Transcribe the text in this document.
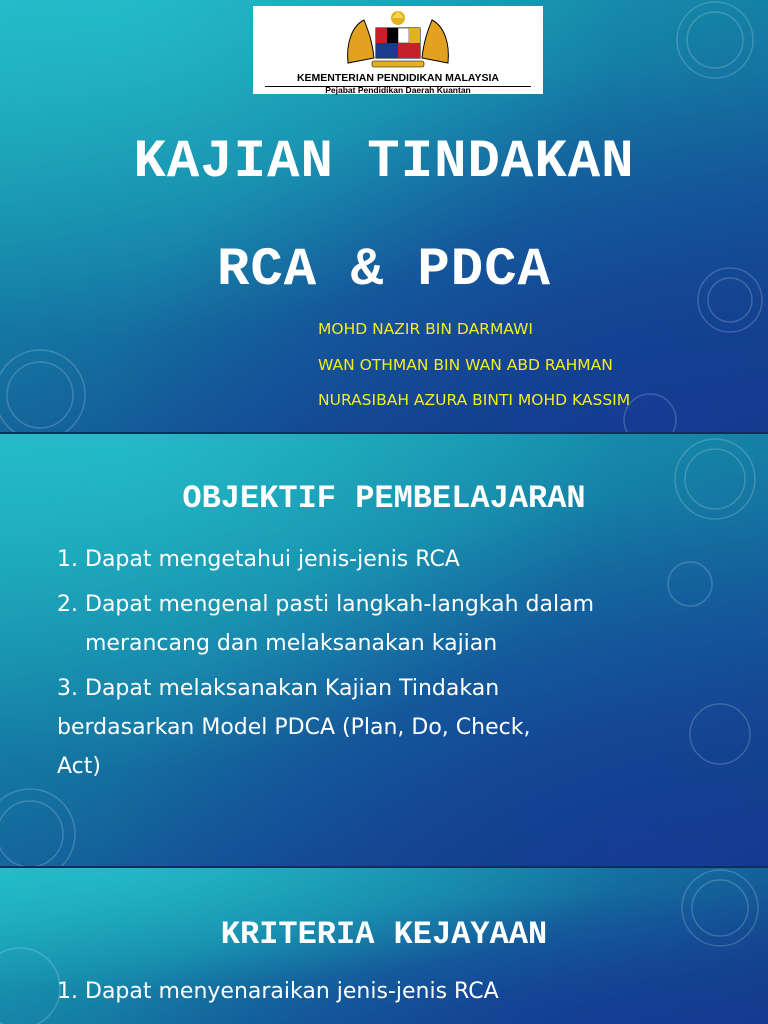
KEMENTERIAN PENDIDIKAN MALAYSIA
Pejabat Pendidikan Daerah Kuantan
KAJIAN TINDAKAN
RCA & PDCA
MOHD NAZIR BIN DARMAWI
WAN OTHMAN BIN WAN ABD RAHMAN
NURASIBAH AZURA BINTI MOHD KASSIM
OBJEKTIF PEMBELAJARAN
1. Dapat mengetahui jenis-jenis RCA
2. Dapat mengenal pasti langkah-langkah dalam
merancang dan melaksanakan kajian
3. Dapat melaksanakan Kajian Tindakan
berdasarkan Model PDCA (Plan, Do, Check,
Act)
KRITERIA KEJAYAAN
1. Dapat menyenaraikan jenis-jenis RCA
